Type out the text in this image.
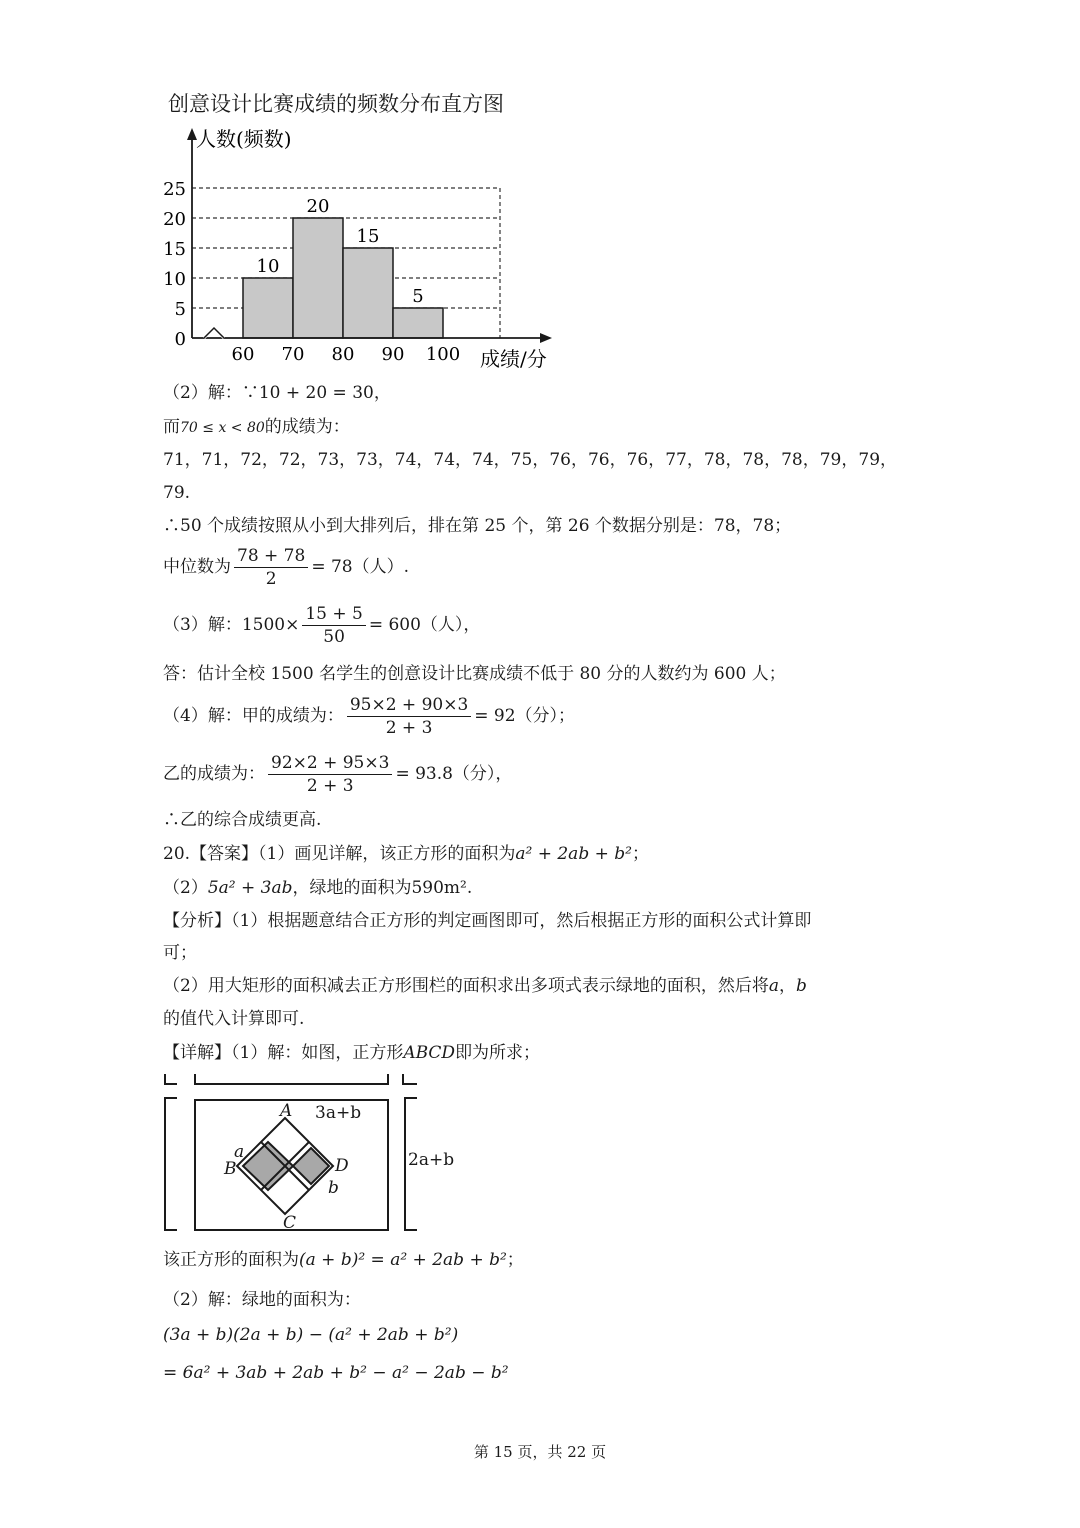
创意设计比赛成绩的频数分布直方图
10
20
15
5
0
5
10
15
20
25
60 70 80 90 100
人数(频数)
成绩/分
（2）解：∵10 + 20 = 30，
而70 ≤ x < 80的成绩为：
71，71，72，72，73，73，74，74，74，75，76，76，76，77，78，78，78，79，79，
79.
∴50 个成绩按照从小到大排列后，排在第 25 个，第 26 个数据分别是：78，78；
中位数为 $\frac{78 + 78}{2} = 78$（人）.
（3）解：$1500\times \frac{15 + 5}{50} = 600$（人），
答：估计全校 1500 名学生的创意设计比赛成绩不低于 80 分的人数约为 600 人；
（4）解：甲的成绩为： $\frac{95\times 2 + 90\times 3}{2 + 3} = 92$（分）；
乙的成绩为： $\frac{92\times 2 + 95\times 3}{2 + 3} = 93.8$（分），
∴乙的综合成绩更高.
20.【答案】（1）画见详解，该正方形的面积为a² + 2ab + b²；
（2）5a² + 3ab，绿地的面积为590m².
【分析】（1）根据题意结合正方形的判定画图即可，然后根据正方形的面积公式计算即
可；
（2）用大矩形的面积减去正方形围栏的面积求出多项式表示绿地的面积，然后将a，b
的值代入计算即可.
【详解】（1）解：如图，正方形ABCD即为所求；
A
B
C
D
a
b
3a+b
2a+b
该正方形的面积为(a + b)² = a² + 2ab + b²；
（2）解：绿地的面积为：
(3a + b)(2a + b) − (a² + 2ab + b²)
= 6a² + 3ab + 2ab + b² − a² − 2ab − b²
第 15 页，共 22 页
